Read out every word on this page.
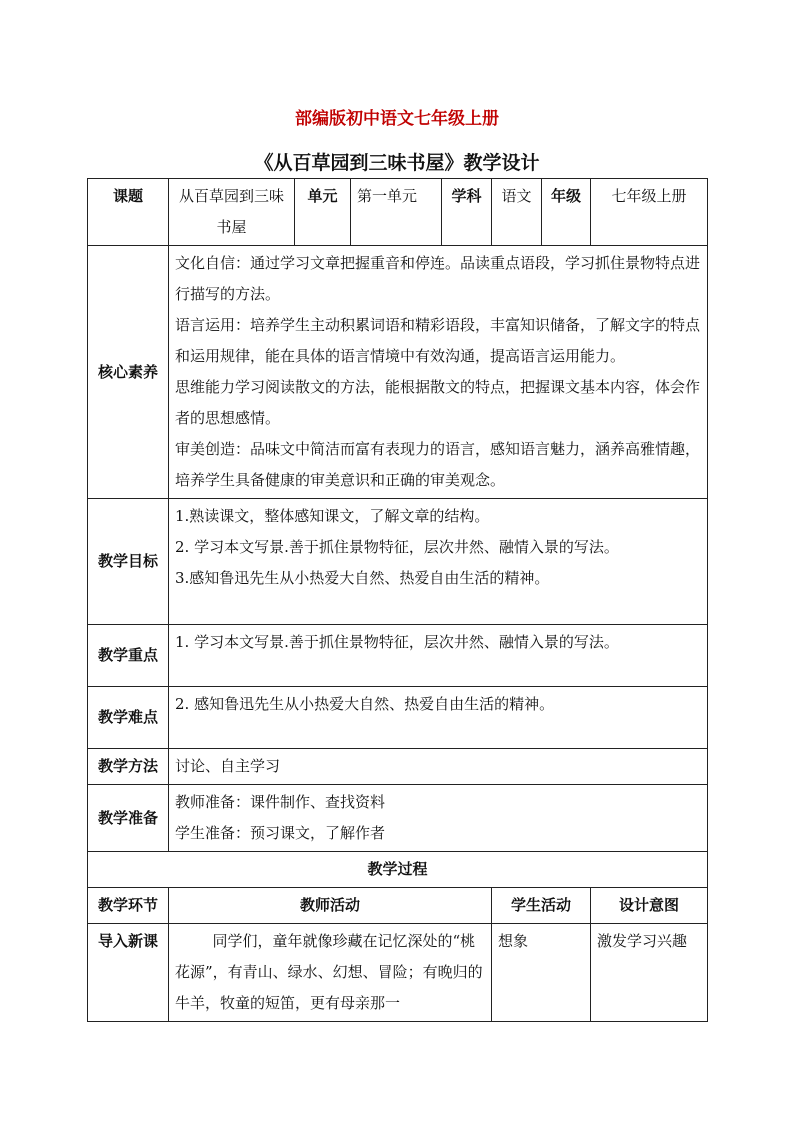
部编版初中语文七年级上册
《从百草园到三味书屋》教学设计
课题	从百草园到三味书屋	单元	第一单元	学科	语文	年级	七年级上册
核心素养	文化自信：通过学习文章把握重音和停连。品读重点语段，学习抓住景物特点进行描写的方法。
语言运用：培养学生主动积累词语和精彩语段，丰富知识储备，了解文字的特点和运用规律，能在具体的语言情境中有效沟通，提高语言运用能力。
思维能力学习阅读散文的方法，能根据散文的特点，把握课文基本内容，体会作者的思想感情。
审美创造：品味文中简洁而富有表现力的语言，感知语言魅力，涵养高雅情趣，培养学生具备健康的审美意识和正确的审美观念。						

教学目标	1.熟读课文，整体感知课文，了解文章的结构。
2. 学习本文写景.善于抓住景物特征，层次井然、融情入景的写法。
3.感知鲁迅先生从小热爱大自然、热爱自由生活的精神。						

教学重点	1. 学习本文写景.善于抓住景物特征，层次井然、融情入景的写法。						
教学难点	2. 感知鲁迅先生从小热爱大自然、热爱自由生活的精神。						
教学方法	讨论、自主学习						
教学准备	教师准备：课件制作、查找资料
学生准备：预习课文，了解作者						

教学过程							
教学环节	教师活动				学生活动		设计意图
导入新课	同学们，童年就像珍藏在记忆深处的“桃花源”，有青山、绿水、幻想、冒险；有晚归的牛羊，牧童的短笛，更有母亲那一				想象		激发学习兴趣
